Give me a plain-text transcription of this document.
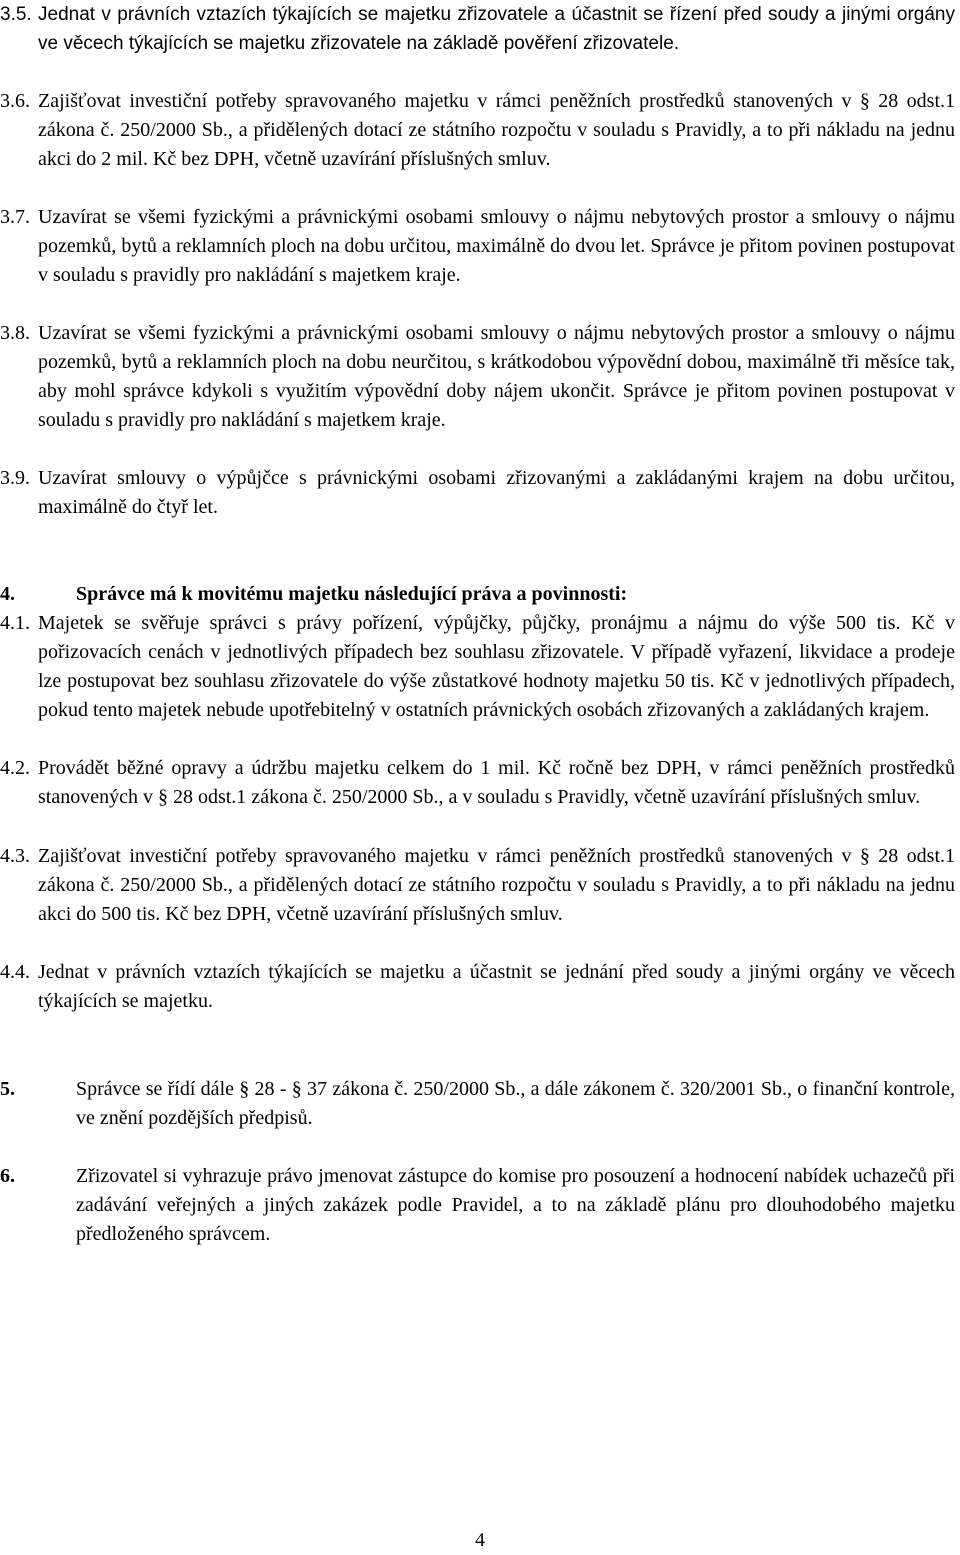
3.5. Jednat v právních vztazích týkajících se majetku zřizovatele a účastnit se řízení před soudy a jinými orgány ve věcech týkajících se majetku zřizovatele na základě pověření zřizovatele.
3.6. Zajišťovat investiční potřeby spravovaného majetku v rámci peněžních prostředků stanovených v § 28 odst.1 zákona č. 250/2000 Sb., a přidělených dotací ze státního rozpočtu v souladu s Pravidly, a to při nákladu na jednu akci do 2 mil. Kč bez DPH, včetně uzavírání příslušných smluv.
3.7. Uzavírat se všemi fyzickými a právnickými osobami smlouvy o nájmu nebytových prostor a smlouvy o nájmu pozemků, bytů a reklamních ploch na dobu určitou, maximálně do dvou let. Správce je přitom povinen postupovat v souladu s pravidly pro nakládání s majetkem kraje.
3.8. Uzavírat se všemi fyzickými a právnickými osobami smlouvy o nájmu nebytových prostor a smlouvy o nájmu pozemků, bytů a reklamních ploch na dobu neurčitou, s krátkodobou výpovědní dobou, maximálně tři měsíce tak, aby mohl správce kdykoli s využitím výpovědní doby nájem ukončit. Správce je přitom povinen postupovat v souladu s pravidly pro nakládání s majetkem kraje.
3.9. Uzavírat smlouvy o výpůjčce s právnickými osobami zřizovanými a zakládanými krajem na dobu určitou, maximálně do čtyř let.
4.	Správce má k movitému majetku následující práva a povinnosti:
4.1. Majetek se svěřuje správci s právy pořízení, výpůjčky, půjčky, pronájmu a nájmu do výše 500 tis. Kč v pořizovacích cenách v jednotlivých případech bez souhlasu zřizovatele. V případě vyřazení, likvidace a prodeje lze postupovat bez souhlasu zřizovatele do výše zůstatkové hodnoty majetku 50 tis. Kč v jednotlivých případech, pokud tento majetek nebude upotřebitelný v ostatních právnických osobách zřizovaných a zakládaných krajem.
4.2. Provádět běžné opravy a údržbu majetku celkem do 1 mil. Kč ročně bez DPH, v rámci peněžních prostředků stanovených v § 28 odst.1 zákona č. 250/2000 Sb., a v souladu s Pravidly, včetně uzavírání příslušných smluv.
4.3. Zajišťovat investiční potřeby spravovaného majetku v rámci peněžních prostředků stanovených v § 28 odst.1 zákona č. 250/2000 Sb., a přidělených dotací ze státního rozpočtu v souladu s Pravidly, a to při nákladu na jednu akci do 500 tis. Kč bez DPH, včetně uzavírání příslušných smluv.
4.4. Jednat v právních vztazích týkajících se majetku a účastnit se jednání před soudy a jinými orgány ve věcech týkajících se majetku.
5.	Správce se řídí dále § 28 - § 37 zákona č. 250/2000 Sb., a dále zákonem č. 320/2001 Sb., o finanční kontrole, ve znění pozdějších předpisů.
6.	Zřizovatel si vyhrazuje právo jmenovat zástupce do komise pro posouzení a hodnocení nabídek uchazečů při zadávání veřejných a jiných zakázek podle Pravidel, a to na základě plánu pro dlouhodobého majetku předloženého správcem.
4
